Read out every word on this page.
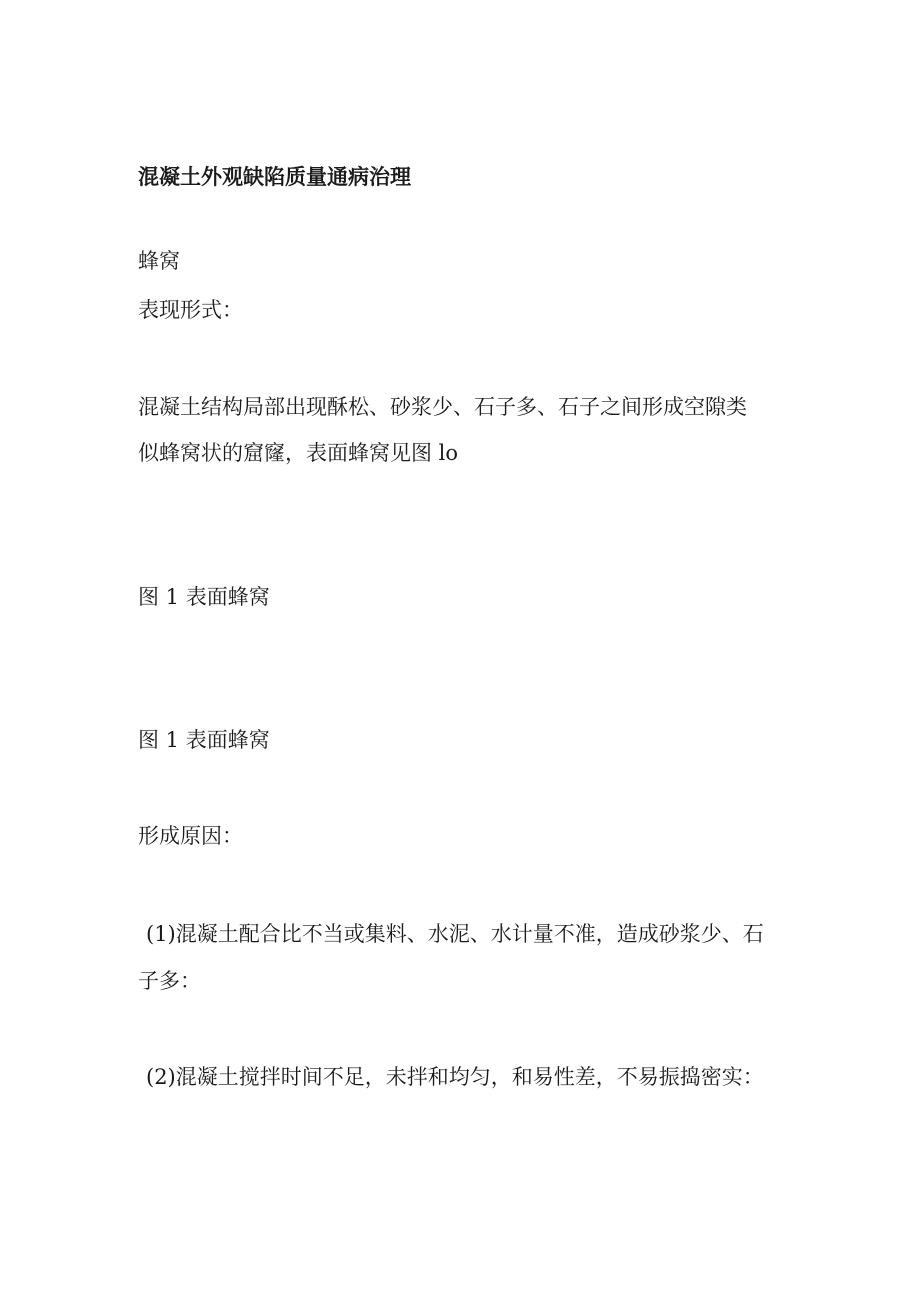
混凝土外观缺陷质量通病治理
蜂窝
表现形式：
混凝土结构局部出现酥松、砂浆少、石子多、石子之间形成空隙类
似蜂窝状的窟窿，表面蜂窝见图 lo
图 1 表面蜂窝
图 1 表面蜂窝
形成原因：
(1)混凝土配合比不当或集料、水泥、水计量不准，造成砂浆少、石
子多：
(2)混凝土搅拌时间不足，未拌和均匀，和易性差，不易振捣密实：
